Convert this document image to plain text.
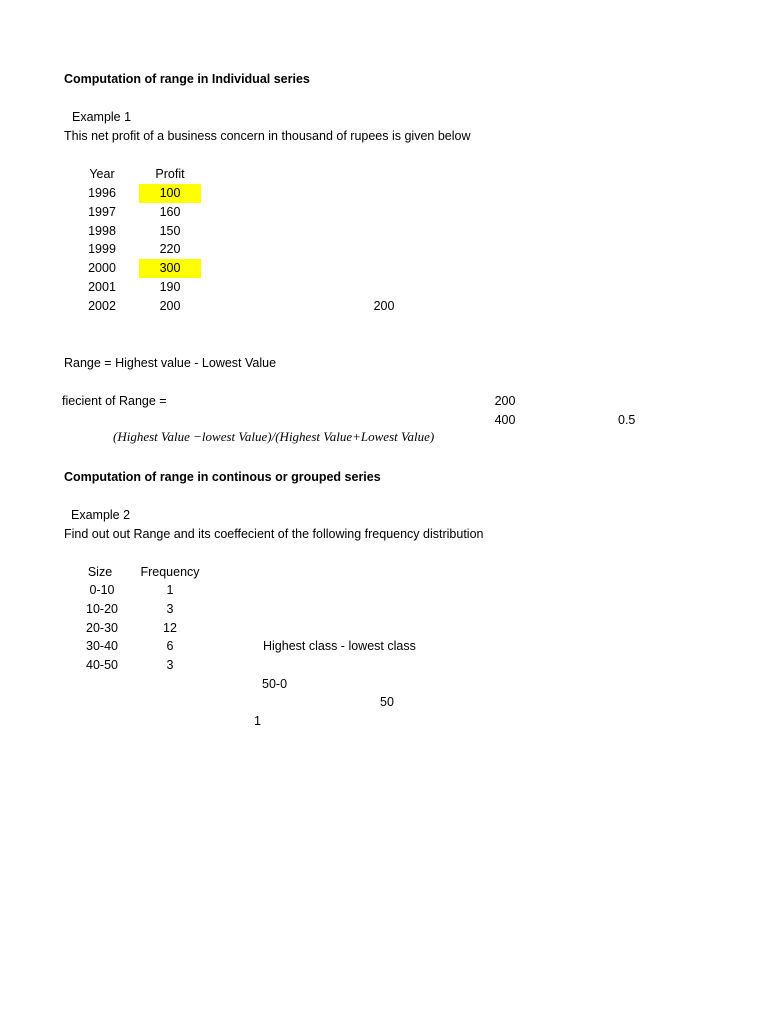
Computation of range in Individual series
Example 1
This net profit of a business concern in thousand of rupees is given below
Year	Profit
1996	100
1997	160
1998	150
1999	220
2000	300
2001	190
2002	200	200
Range = Highest value - Lowest Value
fiecient of Range =	200
400	0.5
(Highest Value −lowest Value)/(Highest Value+Lowest Value)
Computation of range in continous or grouped series
Example 2
Find out out Range and its coeffecient of the following frequency distribution
Size	Frequency
0-10	1
10-20	3
20-30	12
30-40	6
40-50	3
Highest class - lowest class
50-0
50
1
